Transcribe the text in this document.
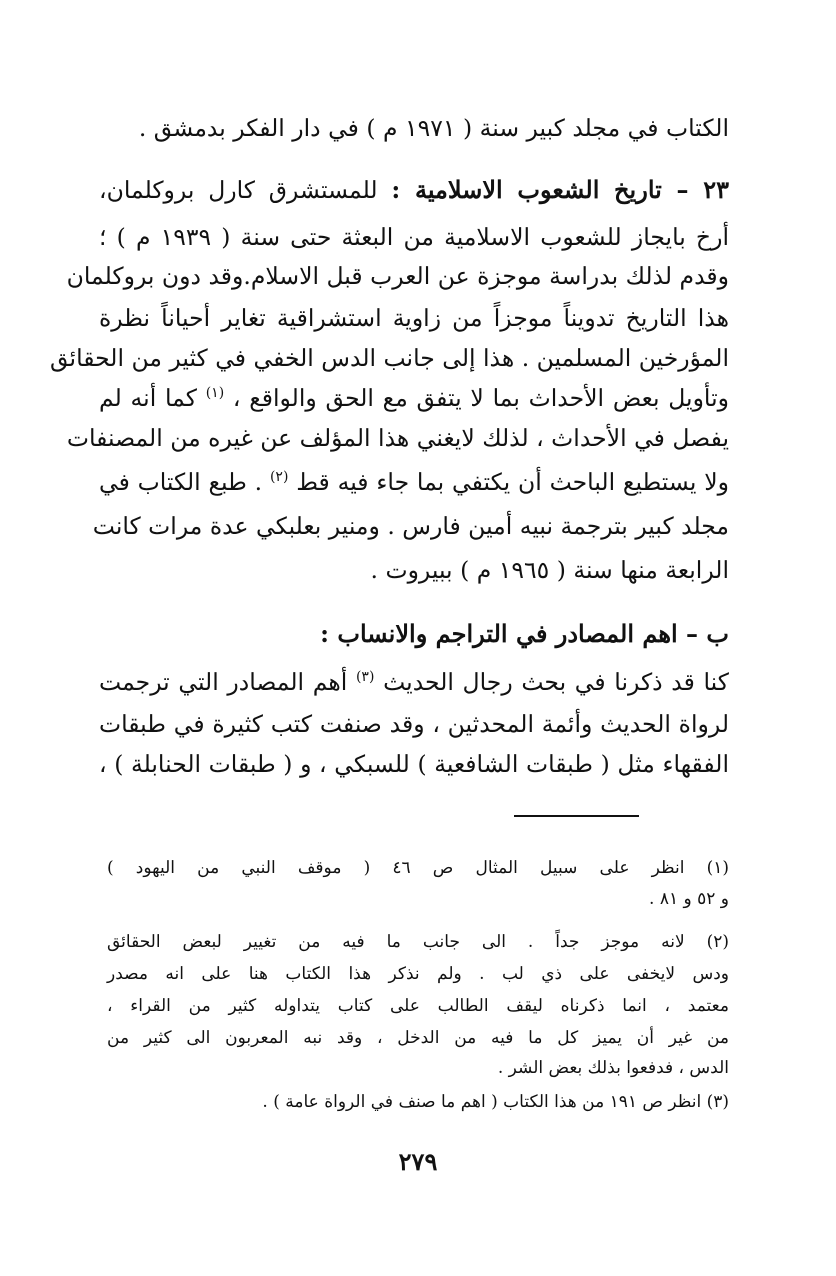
الكتاب في مجلد كبير سنة ( ١٩٧١ م ) في دار الفكر بدمشق .
٢٣ – تاريخ الشعوب الاسلامية : للمستشرق كارل بروكلمان،
أرخ بايجاز للشعوب الاسلامية من البعثة حتى سنة ( ١٩٣٩ م ) ؛
وقدم لذلك بدراسة موجزة عن العرب قبل الاسلام.وقد دون بروكلمان
هذا التاريخ تدويناً موجزاً من زاوية استشراقية تغاير أحياناً نظرة
المؤرخين المسلمين . هذا إلى جانب الدس الخفي في كثير من الحقائق
وتأويل بعض الأحداث بما لا يتفق مع الحق والواقع ، $^{(١)}$ كما أنه لم
يفصل في الأحداث ، لذلك لايغني هذا المؤلف عن غيره من المصنفات
ولا يستطيع الباحث أن يكتفي بما جاء فيه قط $^{(٢)}$ . طبع الكتاب في
مجلد كبير بترجمة نبيه أمين فارس . ومنير بعلبكي عدة مرات كانت
الرابعة منها سنة ( ١٩٦٥ م ) ببيروت .
ب – اهم المصادر في التراجم والانساب :
كنا قد ذكرنا في بحث رجال الحديث $^{(٣)}$ أهم المصادر التي ترجمت
لرواة الحديث وأئمة المحدثين ، وقد صنفت كتب كثيرة في طبقات
الفقهاء مثل ( طبقات الشافعية ) للسبكي ، و ( طبقات الحنابلة ) ،
(١) انظر على سبيل المثال ص ٤٦ ( موقف النبي من اليهود )
و ٥٢ و ٨١ .
(٢) لانه موجز جداً . الى جانب ما فيه من تغيير لبعض الحقائق
ودس لايخفى على ذي لب . ولم نذكر هذا الكتاب هنا على انه مصدر
معتمد ، انما ذكرناه ليقف الطالب على كتاب يتداوله كثير من القراء ،
من غير أن يميز كل ما فيه من الدخل ، وقد نبه المعربون الى كثير من
الدس ، فدفعوا بذلك بعض الشر .
(٣) انظر ص ١٩١ من هذا الكتاب ( اهم ما صنف في الرواة عامة ) .
٢٧٩
